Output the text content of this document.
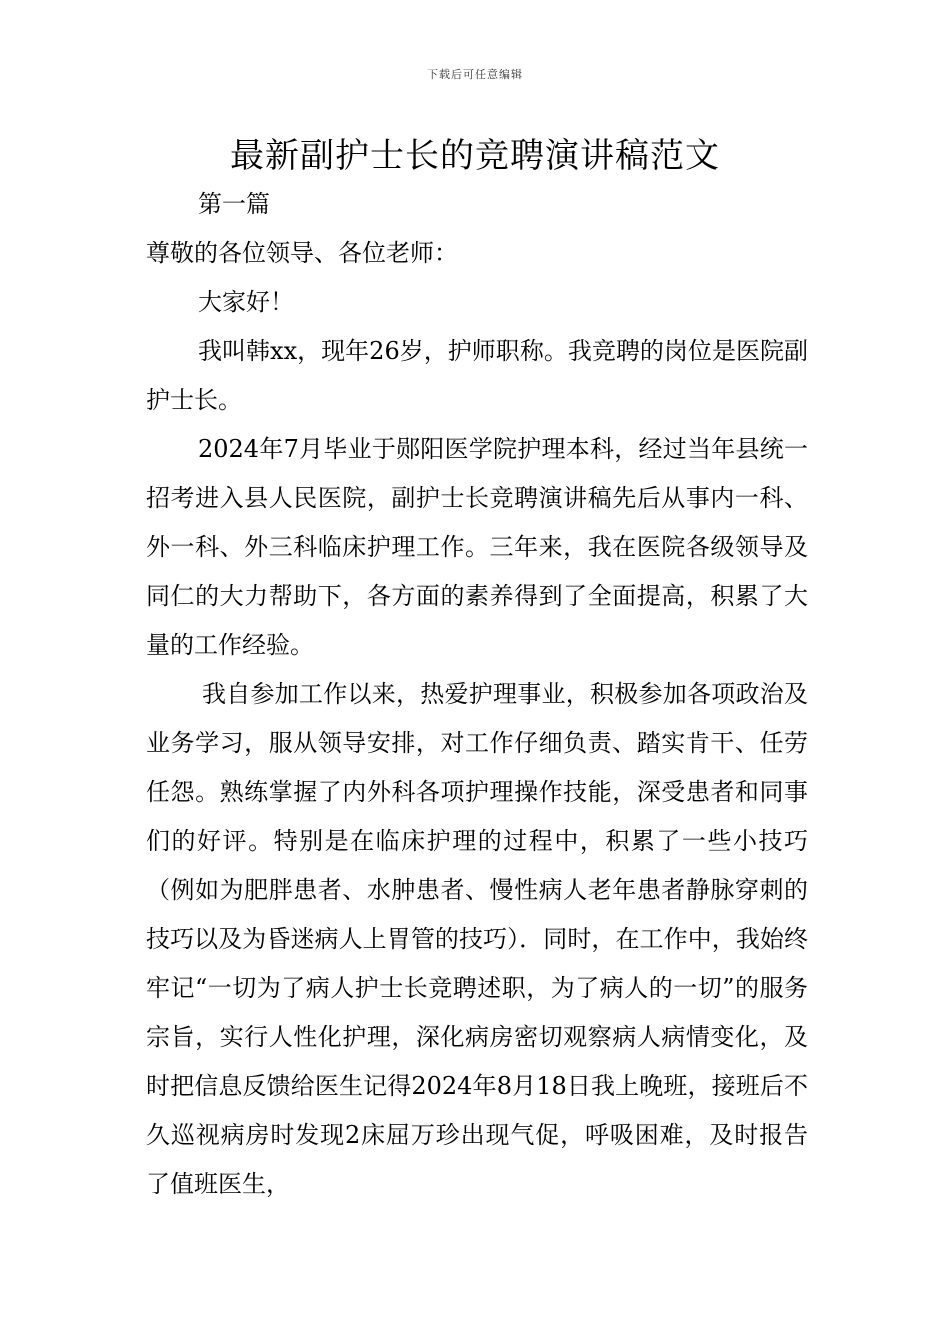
下载后可任意编辑
最新副护士长的竞聘演讲稿范文

第一篇

尊敬的各位领导、各位老师：

大家好！

我叫韩xx，现年26岁，护师职称。我竞聘的岗位是医院副护士长。

2024年7月毕业于郧阳医学院护理本科，经过当年县统一招考进入县人民医院，副护士长竞聘演讲稿先后从事内一科、外一科、外三科临床护理工作。三年来，我在医院各级领导及同仁的大力帮助下，各方面的素养得到了全面提高，积累了大量的工作经验。

我自参加工作以来，热爱护理事业，积极参加各项政治及业务学习，服从领导安排，对工作仔细负责、踏实肯干、任劳任怨。熟练掌握了内外科各项护理操作技能，深受患者和同事们的好评。特别是在临床护理的过程中，积累了一些小技巧（例如为肥胖患者、水肿患者、慢性病人老年患者静脉穿刺的技巧以及为昏迷病人上胃管的技巧）．同时，在工作中，我始终牢记“一切为了病人护士长竞聘述职，为了病人的一切”的服务宗旨，实行人性化护理，深化病房密切观察病人病情变化，及时把信息反馈给医生记得2024年8月18日我上晚班，接班后不久巡视病房时发现2床屈万珍出现气促，呼吸困难，及时报告了值班医生，
